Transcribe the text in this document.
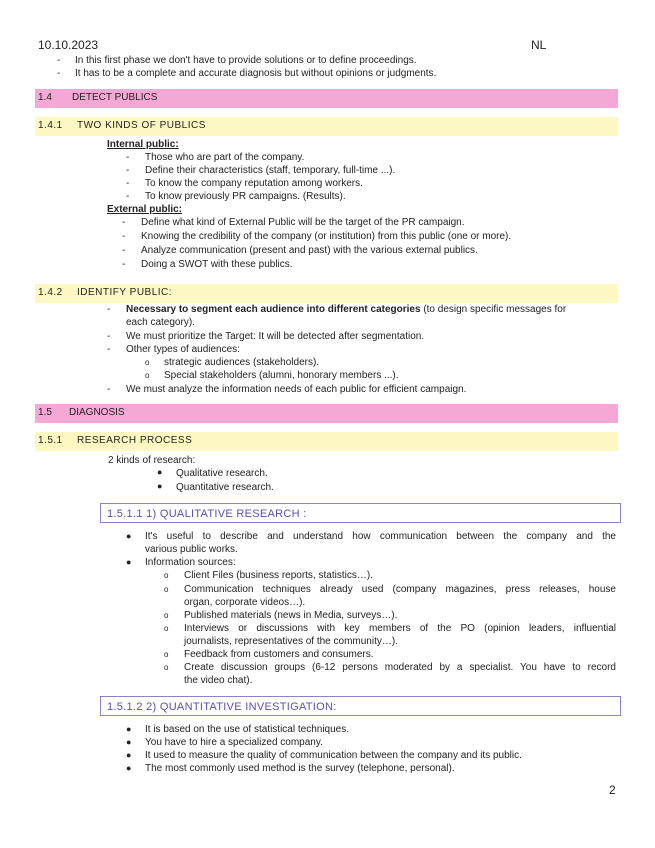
10.10.2023	NL
- In this first phase we don't have to provide solutions or to define proceedings.
- It has to be a complete and accurate diagnosis but without opinions or judgments.
1.4 DETECT PUBLICS
1.4.1 TWO KINDS OF PUBLICS
Internal public:
- Those who are part of the company.
- Define their characteristics (staff, temporary, full-time ...).
- To know the company reputation among workers.
- To know previously PR campaigns. (Results).
External public:
- Define what kind of External Public will be the target of the PR campaign.
- Knowing the credibility of the company (or institution) from this public (one or more).
- Analyze communication (present and past) with the various external publics.
- Doing a SWOT with these publics.
1.4.2 IDENTIFY PUBLIC:
- Necessary to segment each audience into different categories (to design specific messages for
each category).
- We must prioritize the Target: It will be detected after segmentation.
- Other types of audiences:
o strategic audiences (stakeholders).
o Special stakeholders (alumni, honorary members ...).
- We must analyze the information needs of each public for efficient campaign.
1.5 DIAGNOSIS
1.5.1 RESEARCH PROCESS
2 kinds of research:
● Qualitative research.
● Quantitative research.
1.5.1.1 1) QUALITATIVE RESEARCH :
● It's useful to describe and understand how communication between the company and the
various public works.
● Information sources:
o Client Files (business reports, statistics…).
o Communication techniques already used (company magazines, press releases, house
organ, corporate videos…).
o Published materials (news in Media, surveys…).
o Interviews or discussions with key members of the PO (opinion leaders, influential
journalists, representatives of the community…).
o Feedback from customers and consumers.
o Create discussion groups (6-12 persons moderated by a specialist. You have to record
the video chat).
1.5.1.2 2) QUANTITATIVE INVESTIGATION:
● It is based on the use of statistical techniques.
● You have to hire a specialized company.
● It used to measure the quality of communication between the company and its public.
● The most commonly used method is the survey (telephone, personal).
2
